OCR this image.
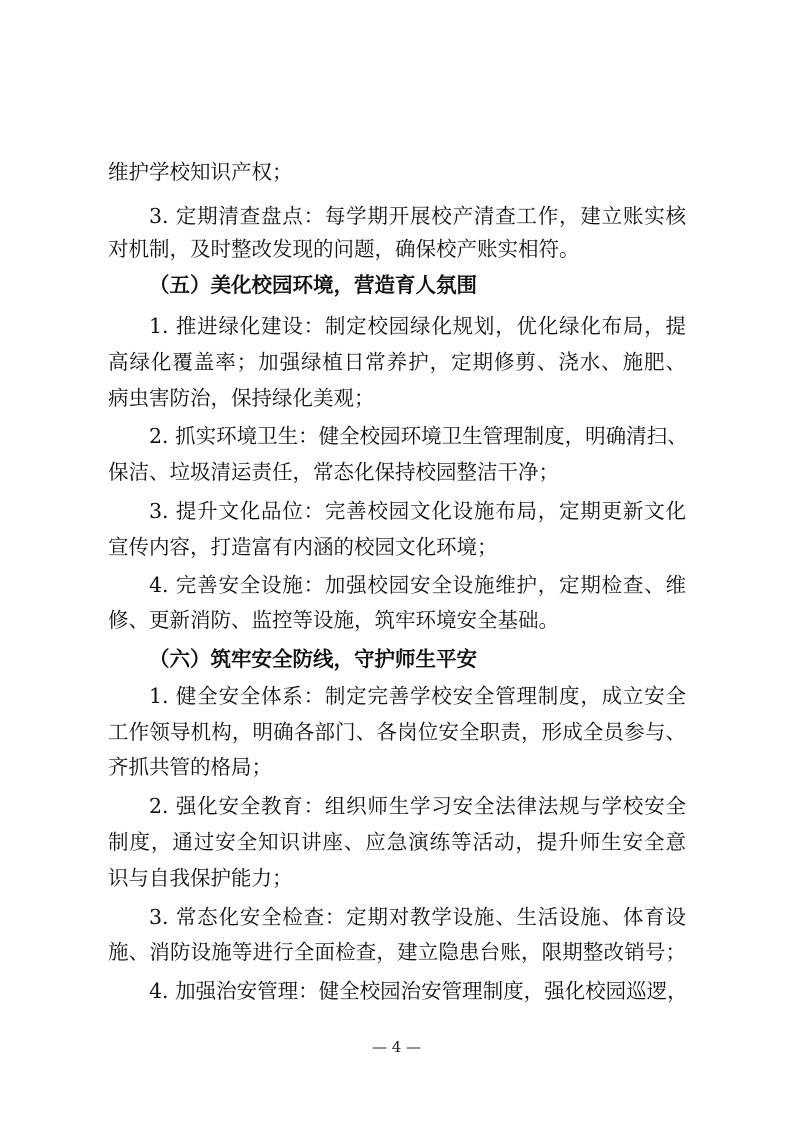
维护学校知识产权；
3. 定期清查盘点：每学期开展校产清查工作，建立账实核
对机制，及时整改发现的问题，确保校产账实相符。
（五）美化校园环境，营造育人氛围
1. 推进绿化建设：制定校园绿化规划，优化绿化布局，提
高绿化覆盖率；加强绿植日常养护，定期修剪、浇水、施肥、
病虫害防治，保持绿化美观；
2. 抓实环境卫生：健全校园环境卫生管理制度，明确清扫、
保洁、垃圾清运责任，常态化保持校园整洁干净；
3. 提升文化品位：完善校园文化设施布局，定期更新文化
宣传内容，打造富有内涵的校园文化环境；
4. 完善安全设施：加强校园安全设施维护，定期检查、维
修、更新消防、监控等设施，筑牢环境安全基础。
（六）筑牢安全防线，守护师生平安
1. 健全安全体系：制定完善学校安全管理制度，成立安全
工作领导机构，明确各部门、各岗位安全职责，形成全员参与、
齐抓共管的格局；
2. 强化安全教育：组织师生学习安全法律法规与学校安全
制度，通过安全知识讲座、应急演练等活动，提升师生安全意
识与自我保护能力；
3. 常态化安全检查：定期对教学设施、生活设施、体育设
施、消防设施等进行全面检查，建立隐患台账，限期整改销号；
4. 加强治安管理：健全校园治安管理制度，强化校园巡逻，
— 4 —
